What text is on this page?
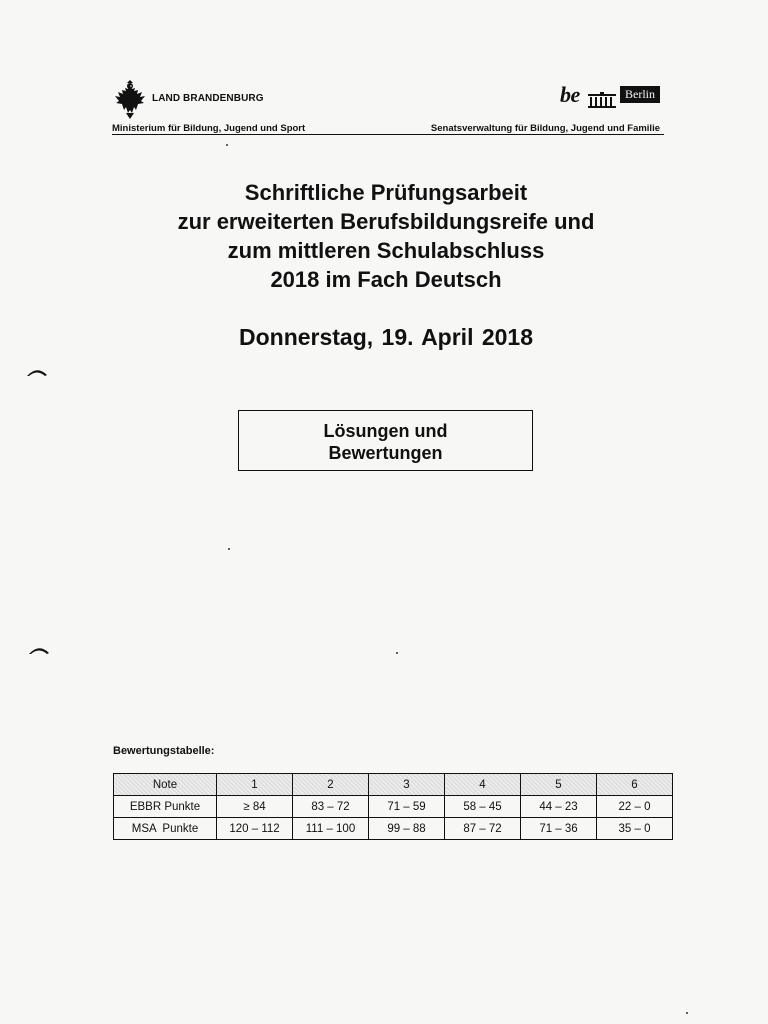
LAND BRANDENBURG	be	Berlin
Ministerium für Bildung, Jugend und Sport	Senatsverwaltung für Bildung, Jugend und Familie
Schriftliche Prüfungsarbeit
zur erweiterten Berufsbildungsreife und
zum mittleren Schulabschluss
2018 im Fach Deutsch
Donnerstag, 19. April 2018
Lösungen und
Bewertungen
Bewertungstabelle:
Note	1	2	3	4	5	6
EBBR Punkte	≥ 84	83 – 72	71 – 59	58 – 45	44 – 23	22 – 0
MSA  Punkte	120 – 112	111 – 100	99 – 88	87 – 72	71 – 36	35 – 0
